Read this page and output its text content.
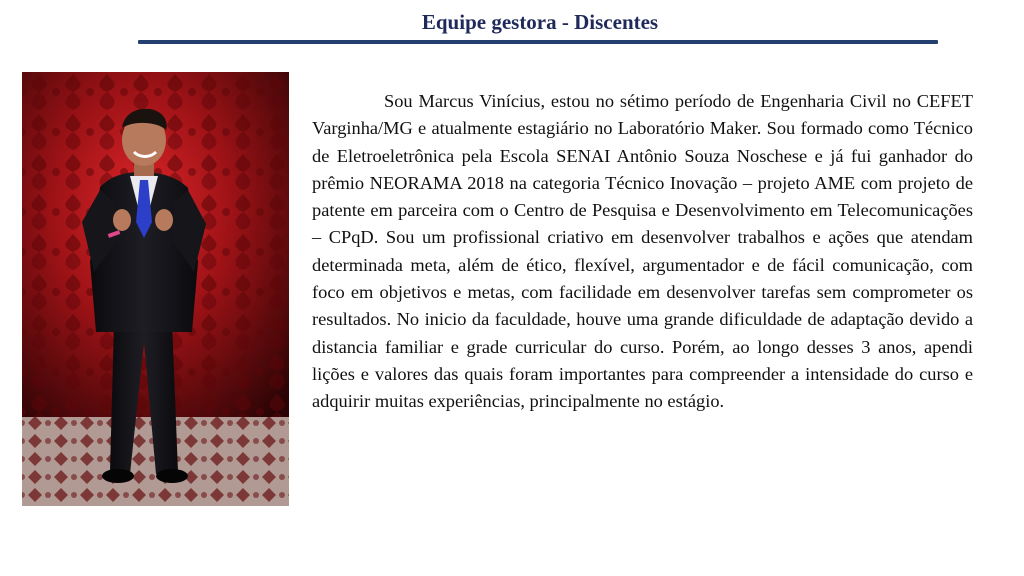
Equipe gestora - Discentes

Sou Marcus Vinícius, estou no sétimo período de Engenharia Civil no CEFET Varginha/MG e atualmente estagiário no Laboratório Maker. Sou formado como Técnico de Eletroeletrônica pela Escola SENAI Antônio Souza Noschese e já fui ganhador do prêmio NEORAMA 2018 na categoria Técnico Inovação – projeto AME com projeto de patente em parceira com o Centro de Pesquisa e Desenvolvimento em Telecomunicações – CPqD. Sou um profissional criativo em desenvolver trabalhos e ações que atendam determinada meta, além de ético, flexível, argumentador e de fácil comunicação, com foco em objetivos e metas, com facilidade em desenvolver tarefas sem comprometer os resultados. No inicio da faculdade, houve uma grande dificuldade de adaptação devido a distancia familiar e grade curricular do curso. Porém, ao longo desses 3 anos, apendi lições e valores das quais foram importantes para compreender a intensidade do curso e adquirir muitas experiências, principalmente no estágio.
